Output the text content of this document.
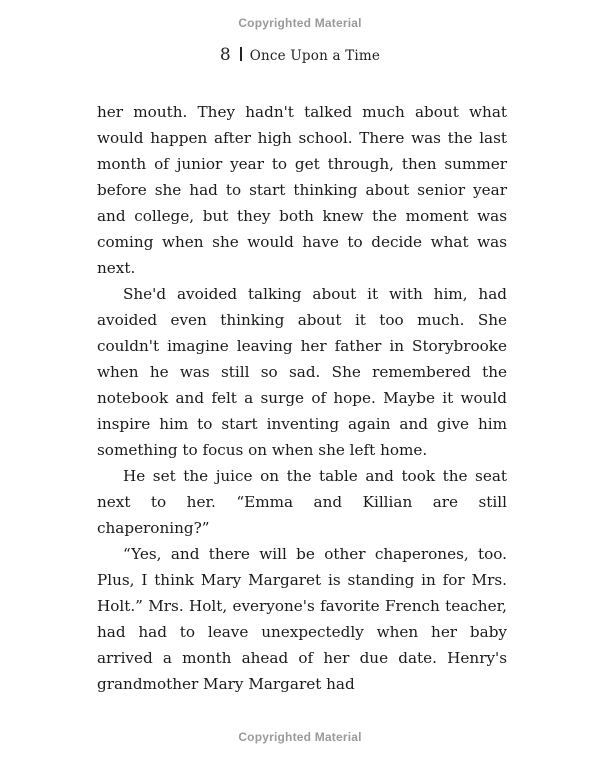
Copyrighted Material
8 Once Upon a Time

her mouth. They hadn't talked much about what would happen after high school. There was the last month of junior year to get through, then summer before she had to start thinking about senior year and college, but they both knew the moment was coming when she would have to decide what was next.

She'd avoided talking about it with him, had avoided even thinking about it too much. She couldn't imagine leaving her father in Storybrooke when he was still so sad. She remembered the notebook and felt a surge of hope. Maybe it would inspire him to start inventing again and give him something to focus on when she left home.

He set the juice on the table and took the seat next to her. “Emma and Killian are still chaperoning?”

“Yes, and there will be other chaperones, too. Plus, I think Mary Margaret is standing in for Mrs. Holt.” Mrs. Holt, everyone's favorite French teacher, had had to leave unexpectedly when her baby arrived a month ahead of her due date. Henry's grandmother Mary Margaret had

Copyrighted Material
